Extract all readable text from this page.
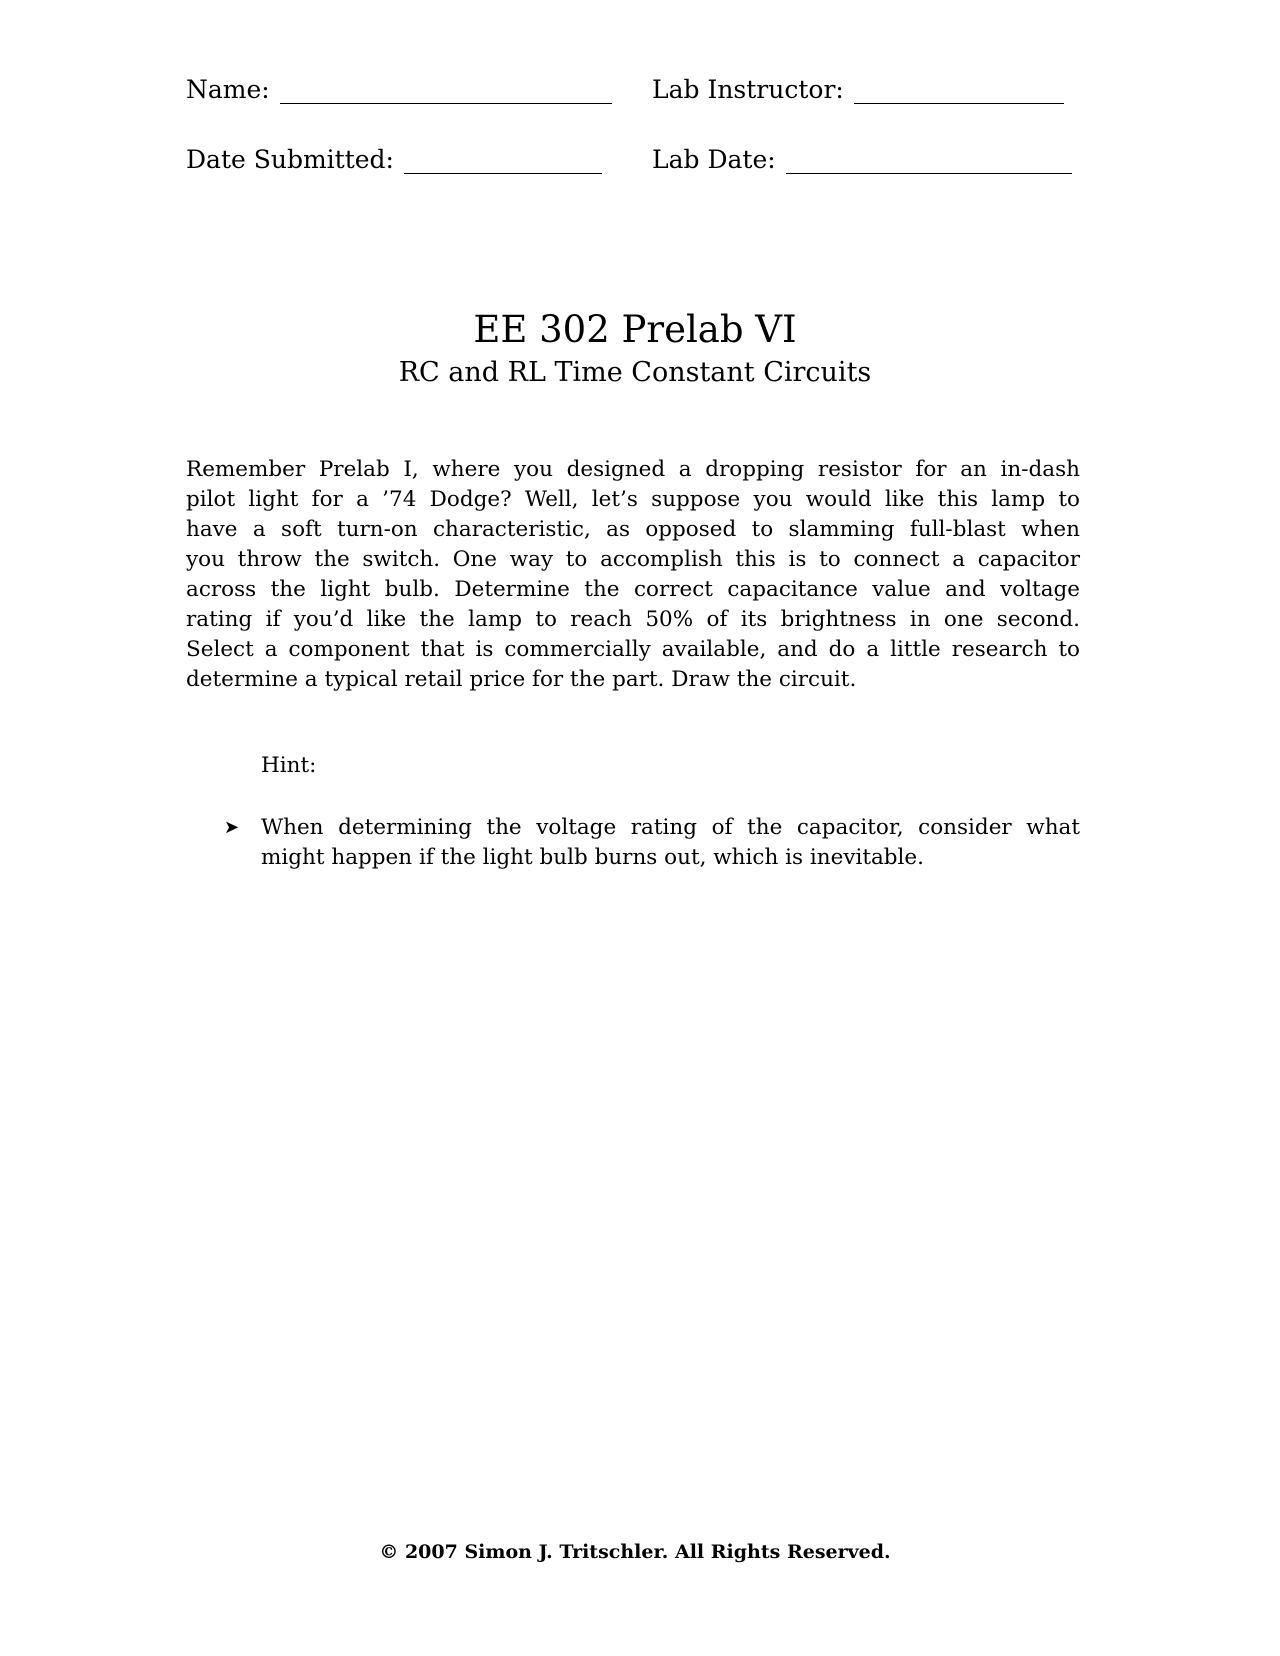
Name:	Lab Instructor:
Date Submitted:	Lab Date:
EE 302 Prelab VI
RC and RL Time Constant Circuits
Remember Prelab I, where you designed a dropping resistor for an in-dash
pilot light for a ’74 Dodge? Well, let’s suppose you would like this lamp to
have a soft turn-on characteristic, as opposed to slamming full-blast when
you throw the switch. One way to accomplish this is to connect a capacitor
across the light bulb. Determine the correct capacitance value and voltage
rating if you’d like the lamp to reach 50% of its brightness in one second.
Select a component that is commercially available, and do a little research to
determine a typical retail price for the part. Draw the circuit.
Hint:
➤	When determining the voltage rating of the capacitor, consider what
might happen if the light bulb burns out, which is inevitable.
© 2007 Simon J. Tritschler. All Rights Reserved.
